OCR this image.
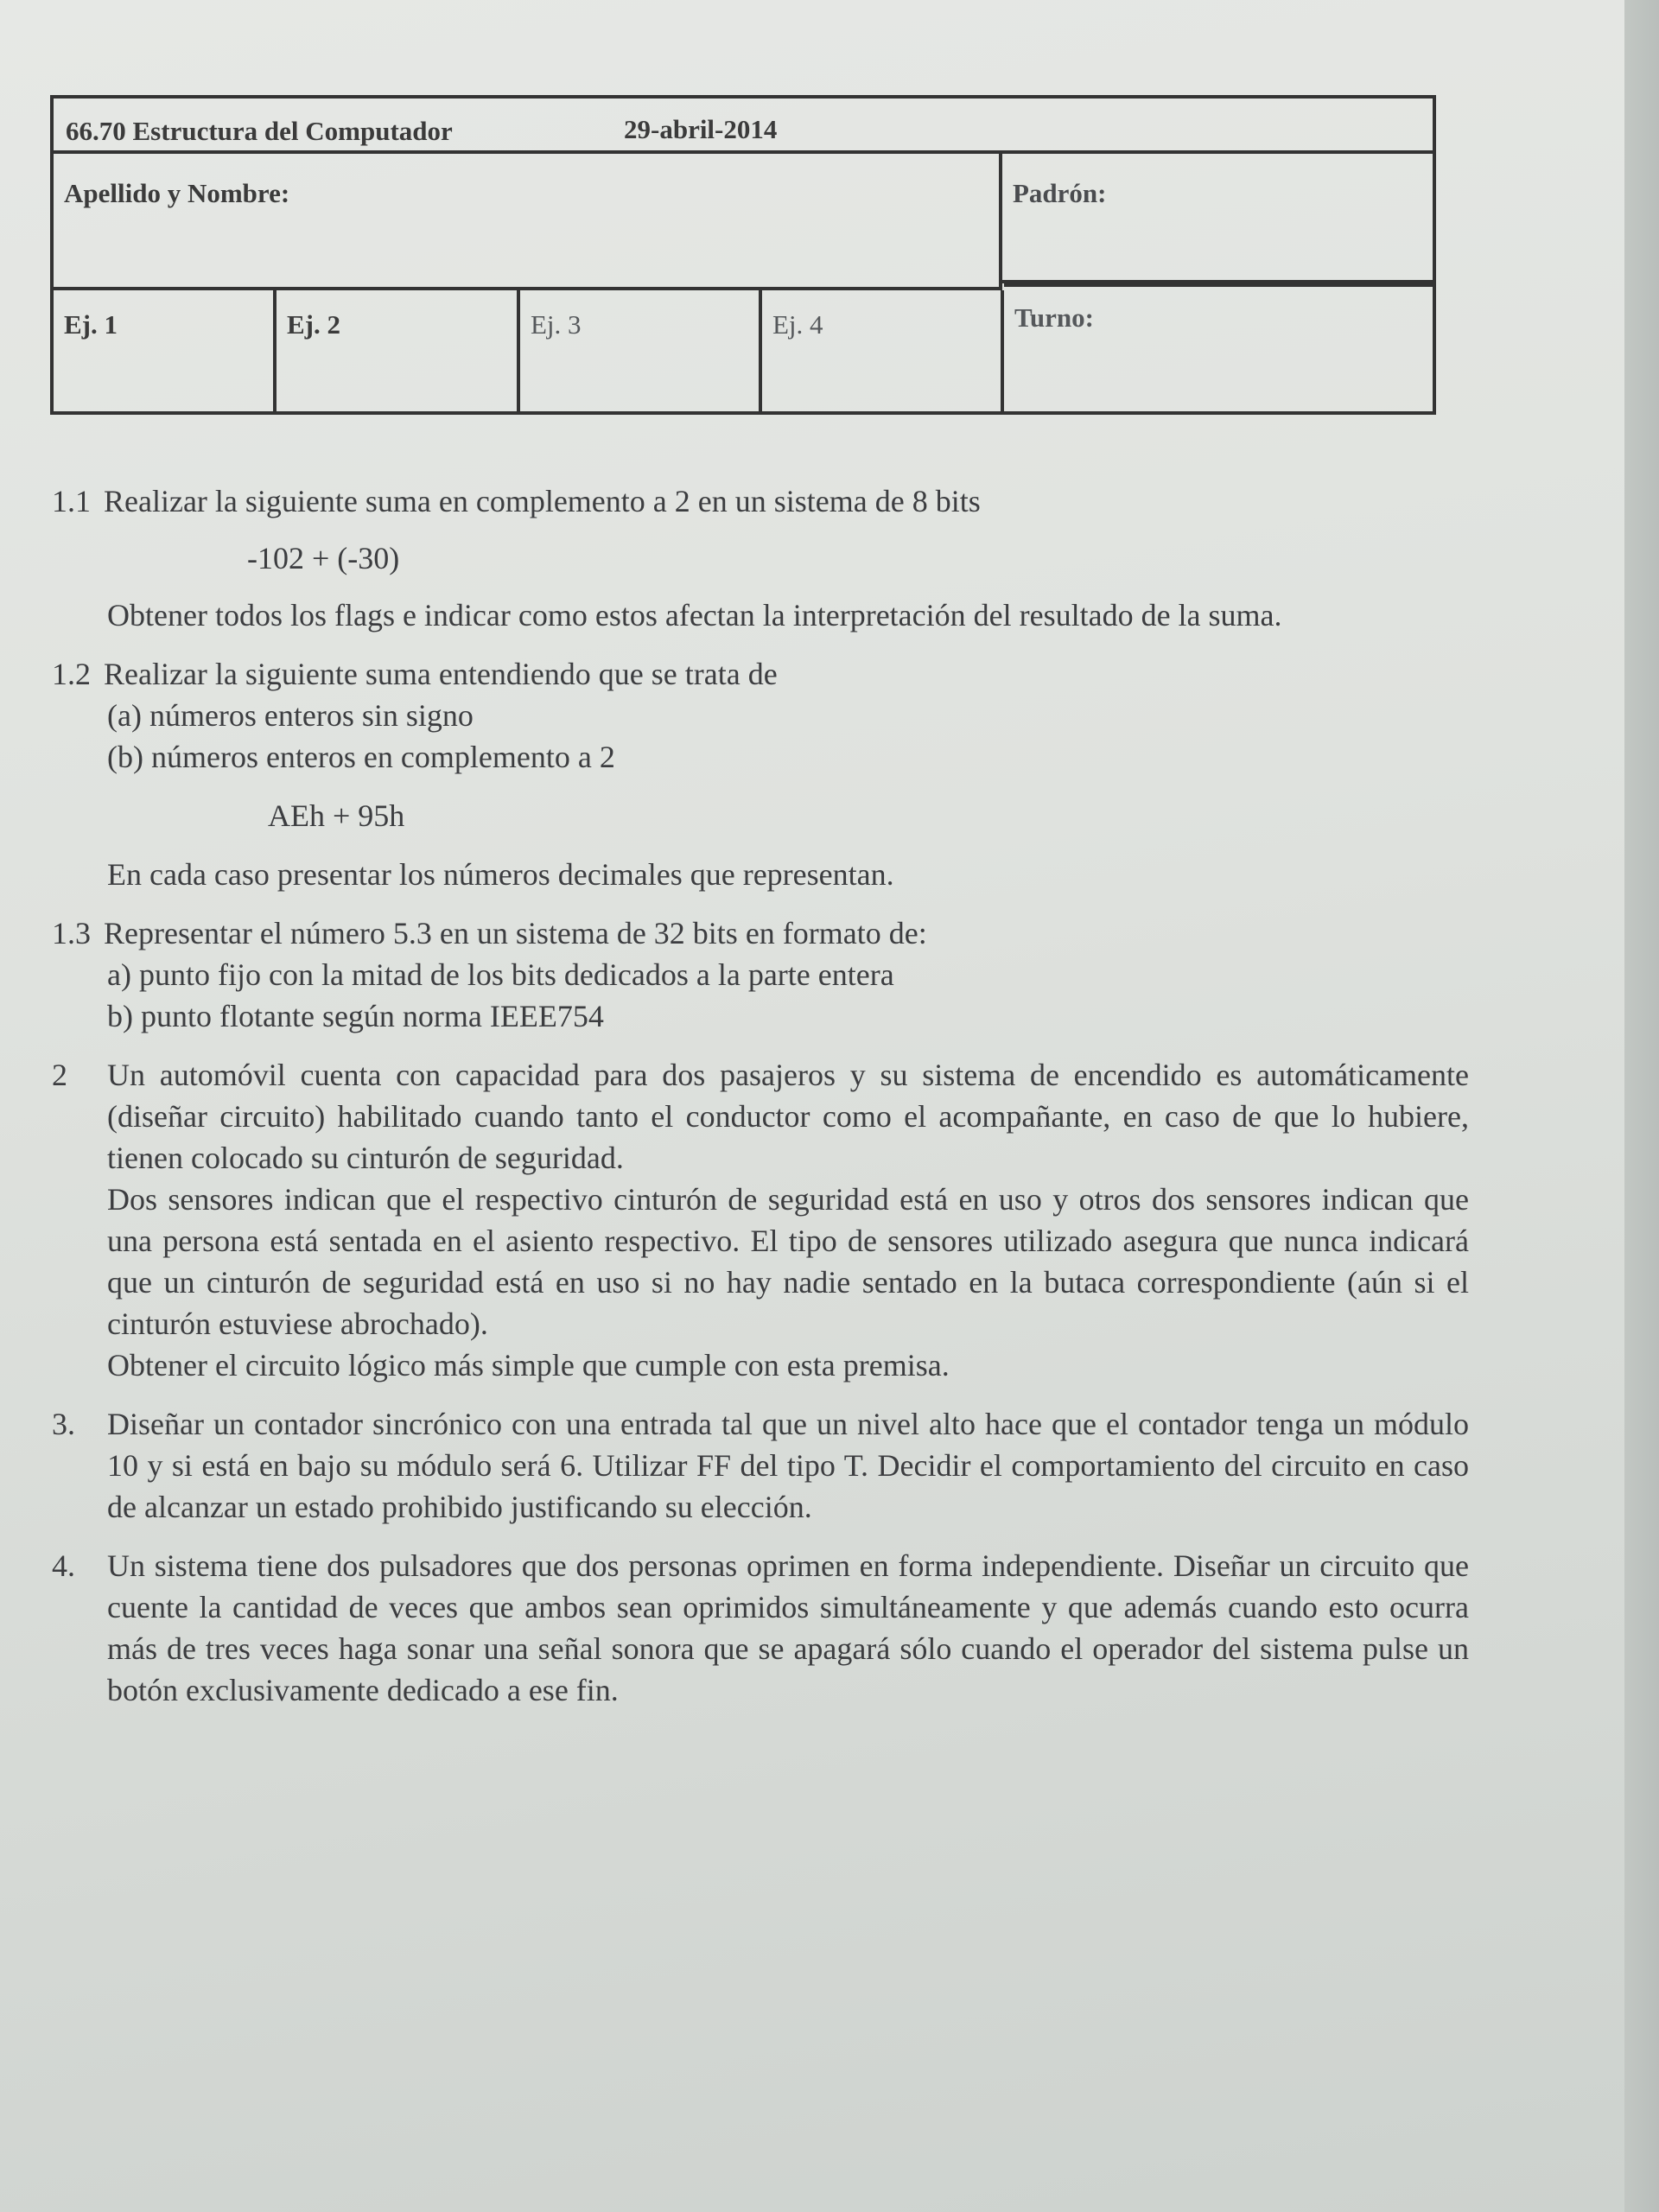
66.70 Estructura del Computador	29-abril-2014
Apellido y Nombre:	Padrón:
Ej. 1	Ej. 2	Ej. 3	Ej. 4	Turno:
1.1 Realizar la siguiente suma en complemento a 2 en un sistema de 8 bits
-102 + (-30)
Obtener todos los flags e indicar como estos afectan la interpretación del resultado de la suma.
1.2 Realizar la siguiente suma entendiendo que se trata de
(a) números enteros sin signo
(b) números enteros en complemento a 2
AEh + 95h
En cada caso presentar los números decimales que representan.
1.3 Representar el número 5.3 en un sistema de 32 bits en formato de:
a) punto fijo con la mitad de los bits dedicados a la parte entera
b) punto flotante según norma IEEE754
2	Un automóvil cuenta con capacidad para dos pasajeros y su sistema de encendido es automáticamente (diseñar circuito) habilitado cuando tanto el conductor como el acompañante, en caso de que lo hubiere, tienen colocado su cinturón de seguridad.
Dos sensores indican que el respectivo cinturón de seguridad está en uso y otros dos sensores indican que una persona está sentada en el asiento respectivo. El tipo de sensores utilizado asegura que nunca indicará que un cinturón de seguridad está en uso si no hay nadie sentado en la butaca correspondiente (aún si el cinturón estuviese abrochado).
Obtener el circuito lógico más simple que cumple con esta premisa.
3.	Diseñar un contador sincrónico con una entrada tal que un nivel alto hace que el contador tenga un módulo 10 y si está en bajo su módulo será 6. Utilizar FF del tipo T. Decidir el comportamiento del circuito en caso de alcanzar un estado prohibido justificando su elección.
4.	Un sistema tiene dos pulsadores que dos personas oprimen en forma independiente. Diseñar un circuito que cuente la cantidad de veces que ambos sean oprimidos simultáneamente y que además cuando esto ocurra más de tres veces haga sonar una señal sonora que se apagará sólo cuando el operador del sistema pulse un botón exclusivamente dedicado a ese fin.
